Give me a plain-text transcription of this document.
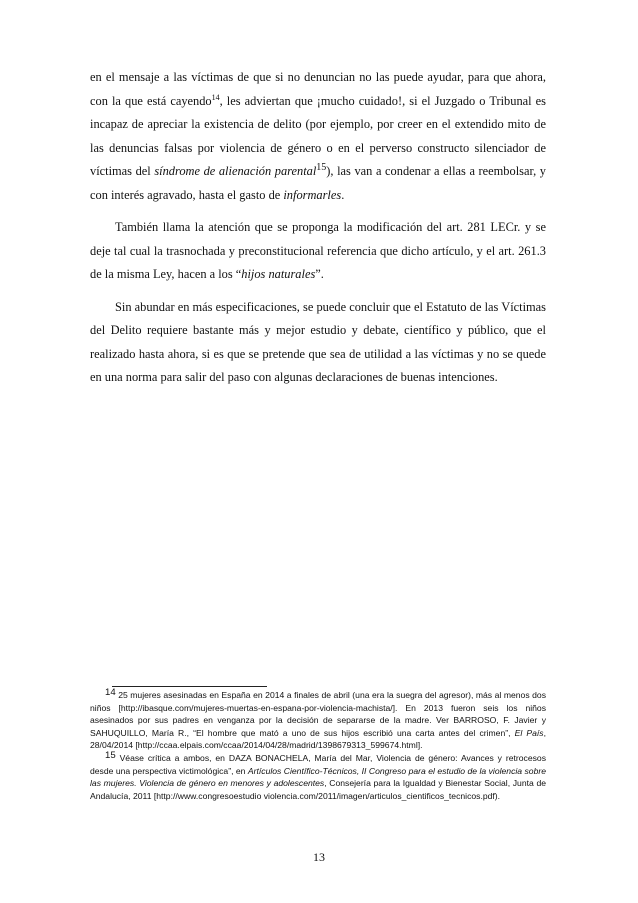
en el mensaje a las víctimas de que si no denuncian no las puede ayudar, para que ahora, con la que está cayendo$^{14}$, les adviertan que ¡mucho cuidado!, si el Juzgado o Tribunal es incapaz de apreciar la existencia de delito (por ejemplo, por creer en el extendido mito de las denuncias falsas por violencia de género o en el perverso constructo silenciador de víctimas del síndrome de alienación parental$^{15}$), las van a condenar a ellas a reembolsar, y con interés agravado, hasta el gasto de informarles.

También llama la atención que se proponga la modificación del art. 281 LECr. y se deje tal cual la trasnochada y preconstitucional referencia que dicho artículo, y el art. 261.3 de la misma Ley, hacen a los “hijos naturales”.

Sin abundar en más especificaciones, se puede concluir que el Estatuto de las Víctimas del Delito requiere bastante más y mejor estudio y debate, científico y público, que el realizado hasta ahora, si es que se pretende que sea de utilidad a las víctimas y no se quede en una norma para salir del paso con algunas declaraciones de buenas intenciones.

14 25 mujeres asesinadas en España en 2014 a finales de abril (una era la suegra del agresor), más al menos dos niños [http://ibasque.com/mujeres-muertas-en-espana-por-violencia-machista/]. En 2013 fueron seis los niños asesinados por sus padres en venganza por la decisión de separarse de la madre. Ver BARROSO, F. Javier y SAHUQUILLO, María R., “El hombre que mató a uno de sus hijos escribió una carta antes del crimen”, El País, 28/04/2014 [http://ccaa.elpais.com/ccaa/2014/04/28/madrid/1398679313_599674.html].

15 Véase crítica a ambos, en DAZA BONACHELA, María del Mar, Violencia de género: Avances y retrocesos desde una perspectiva victimológica”, en Artículos Científico-Técnicos, II Congreso para el estudio de la violencia sobre las mujeres. Violencia de género en menores y adolescentes, Consejería para la Igualdad y Bienestar Social, Junta de Andalucía, 2011 [http://www.congresoestudio violencia.com/2011/imagen/articulos_cientificos_tecnicos.pdf).

13
